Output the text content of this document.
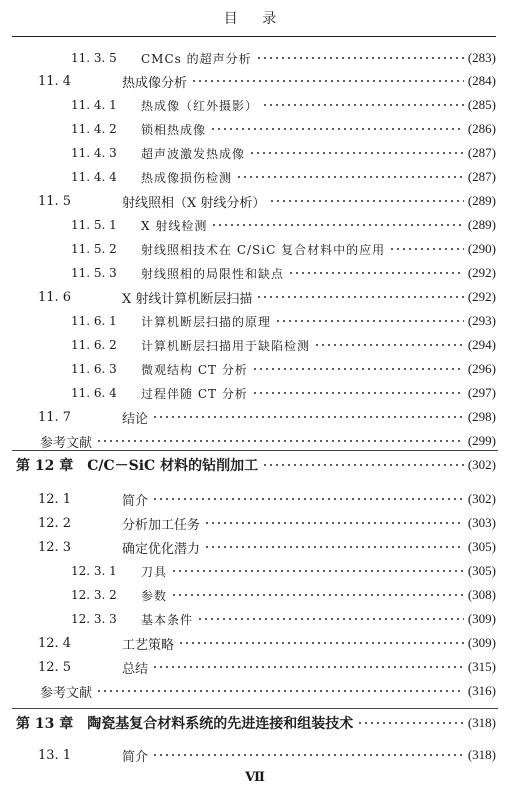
目 录
11. 3. 5	CMCs 的超声分析	(283)
11. 4	热成像分析	(284)
11. 4. 1	热成像（红外摄影）	(285)
11. 4. 2	锁相热成像	(286)
11. 4. 3	超声波激发热成像	(287)
11. 4. 4	热成像损伤检测	(287)
11. 5	射线照相（X 射线分析）	(289)
11. 5. 1	X 射线检测	(289)
11. 5. 2	射线照相技术在 C/SiC 复合材料中的应用	(290)
11. 5. 3	射线照相的局限性和缺点	(292)
11. 6	X 射线计算机断层扫描	(292)
11. 6. 1	计算机断层扫描的原理	(293)
11. 6. 2	计算机断层扫描用于缺陷检测	(294)
11. 6. 3	微观结构 CT 分析	(296)
11. 6. 4	过程伴随 CT 分析	(297)
11. 7	结论	(298)
参考文献	(299)
第 12 章 C/C－SiC 材料的钻削加工	(302)
12. 1	简介	(302)
12. 2	分析加工任务	(303)
12. 3	确定优化潜力	(305)
12. 3. 1	刀具	(305)
12. 3. 2	参数	(308)
12. 3. 3	基本条件	(309)
12. 4	工艺策略	(309)
12. 5	总结	(315)
参考文献	(316)
第 13 章 陶瓷基复合材料系统的先进连接和组装技术	(318)
13. 1	简介	(318)
Ⅶ
